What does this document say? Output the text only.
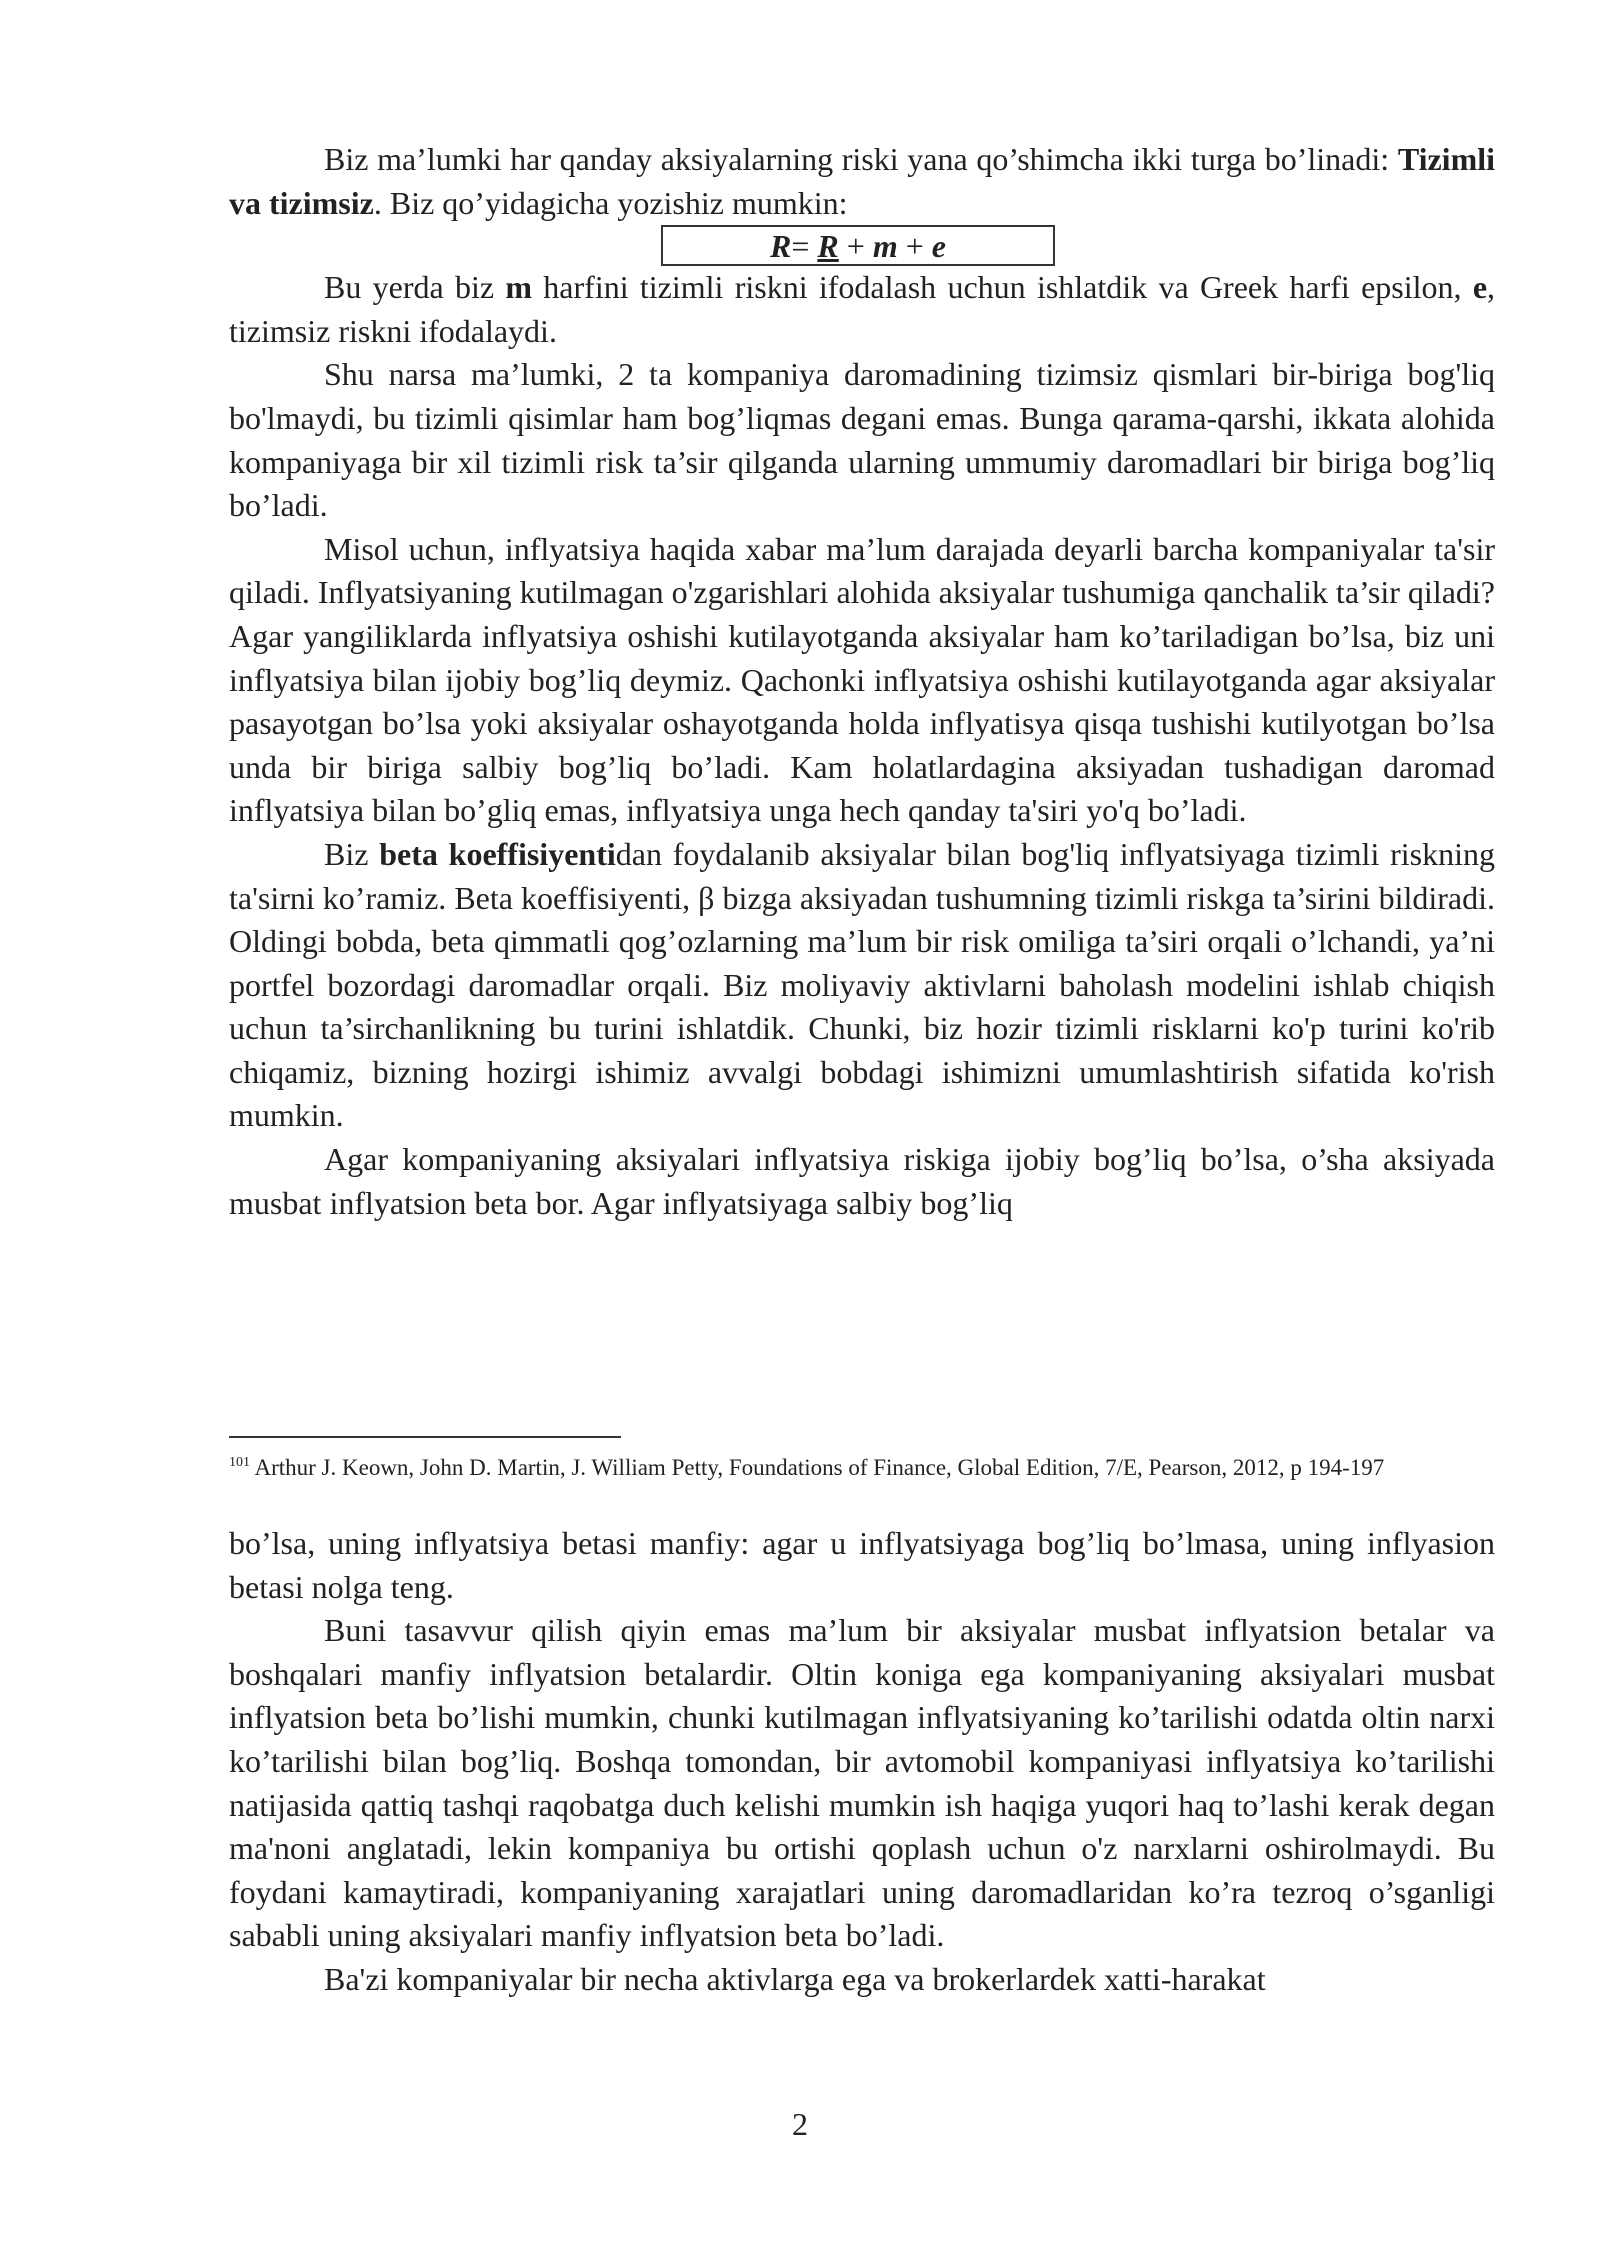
Biz ma’lumki har qanday aksiyalarning riski yana qo’shimcha ikki turga bo’linadi: Tizimli va tizimsiz. Biz qo’yidagicha yozishiz mumkin:

R= R + m + e

Bu yerda biz m harfini tizimli riskni ifodalash uchun ishlatdik va Greek harfi epsilon, e, tizimsiz riskni ifodalaydi.

Shu narsa ma’lumki, 2 ta kompaniya daromadining tizimsiz qismlari bir-biriga bog'liq bo'lmaydi, bu tizimli qisimlar ham bog’liqmas degani emas. Bunga qarama-qarshi, ikkata alohida kompaniyaga bir xil tizimli risk ta’sir qilganda ularning ummumiy daromadlari bir biriga bog’liq bo’ladi.

Misol uchun, inflyatsiya haqida xabar ma’lum darajada deyarli barcha kompaniyalar ta'sir qiladi. Inflyatsiyaning kutilmagan o'zgarishlari alohida aksiyalar tushumiga qanchalik ta’sir qiladi? Agar yangiliklarda inflyatsiya oshishi kutilayotganda aksiyalar ham ko’tariladigan bo’lsa, biz uni inflyatsiya bilan ijobiy bog’liq deymiz. Qachonki inflyatsiya oshishi kutilayotganda agar aksiyalar pasayotgan bo’lsa yoki aksiyalar oshayotganda holda inflyatisya qisqa tushishi kutilyotgan bo’lsa unda bir biriga salbiy bog’liq bo’ladi. Kam holatlardagina aksiyadan tushadigan daromad inflyatsiya bilan bo’gliq emas, inflyatsiya unga hech qanday ta'siri yo'q bo’ladi.

Biz beta koeffisiyentidan foydalanib aksiyalar bilan bog'liq inflyatsiyaga tizimli riskning ta'sirni ko’ramiz. Beta koeffisiyenti, β bizga aksiyadan tushumning tizimli riskga ta’sirini bildiradi. Oldingi bobda, beta qimmatli qog’ozlarning ma’lum bir risk omiliga ta’siri orqali o’lchandi, ya’ni portfel bozordagi daromadlar orqali. Biz moliyaviy aktivlarni baholash modelini ishlab chiqish uchun ta’sirchanlikning bu turini ishlatdik. Chunki, biz hozir tizimli risklarni ko'p turini ko'rib chiqamiz, bizning hozirgi ishimiz avvalgi bobdagi ishimizni umumlashtirish sifatida ko'rish mumkin.

Agar kompaniyaning aksiyalari inflyatsiya riskiga ijobiy bog’liq bo’lsa, o’sha aksiyada musbat inflyatsion beta bor. Agar inflyatsiyaga salbiy bog’liq

$^{101}$ Arthur J. Keown, John D. Martin, J. William Petty, Foundations of Finance, Global Edition, 7/E, Pearson, 2012, p 194-197

bo’lsa, uning inflyatsiya betasi manfiy: agar u inflyatsiyaga bog’liq bo’lmasa, uning inflyasion betasi nolga teng.

Buni tasavvur qilish qiyin emas ma’lum bir aksiyalar musbat inflyatsion betalar va boshqalari manfiy inflyatsion betalardir. Oltin koniga ega kompaniyaning aksiyalari musbat inflyatsion beta bo’lishi mumkin, chunki kutilmagan inflyatsiyaning ko’tarilishi odatda oltin narxi ko’tarilishi bilan bog’liq. Boshqa tomondan, bir avtomobil kompaniyasi inflyatsiya ko’tarilishi natijasida qattiq tashqi raqobatga duch kelishi mumkin ish haqiga yuqori haq to’lashi kerak degan ma'noni anglatadi, lekin kompaniya bu ortishi qoplash uchun o'z narxlarni oshirolmaydi. Bu foydani kamaytiradi, kompaniyaning xarajatlari uning daromadlaridan ko’ra tezroq o’sganligi sababli uning aksiyalari manfiy inflyatsion beta bo’ladi.

Ba'zi kompaniyalar bir necha aktivlarga ega va brokerlardek xatti-harakat

2
